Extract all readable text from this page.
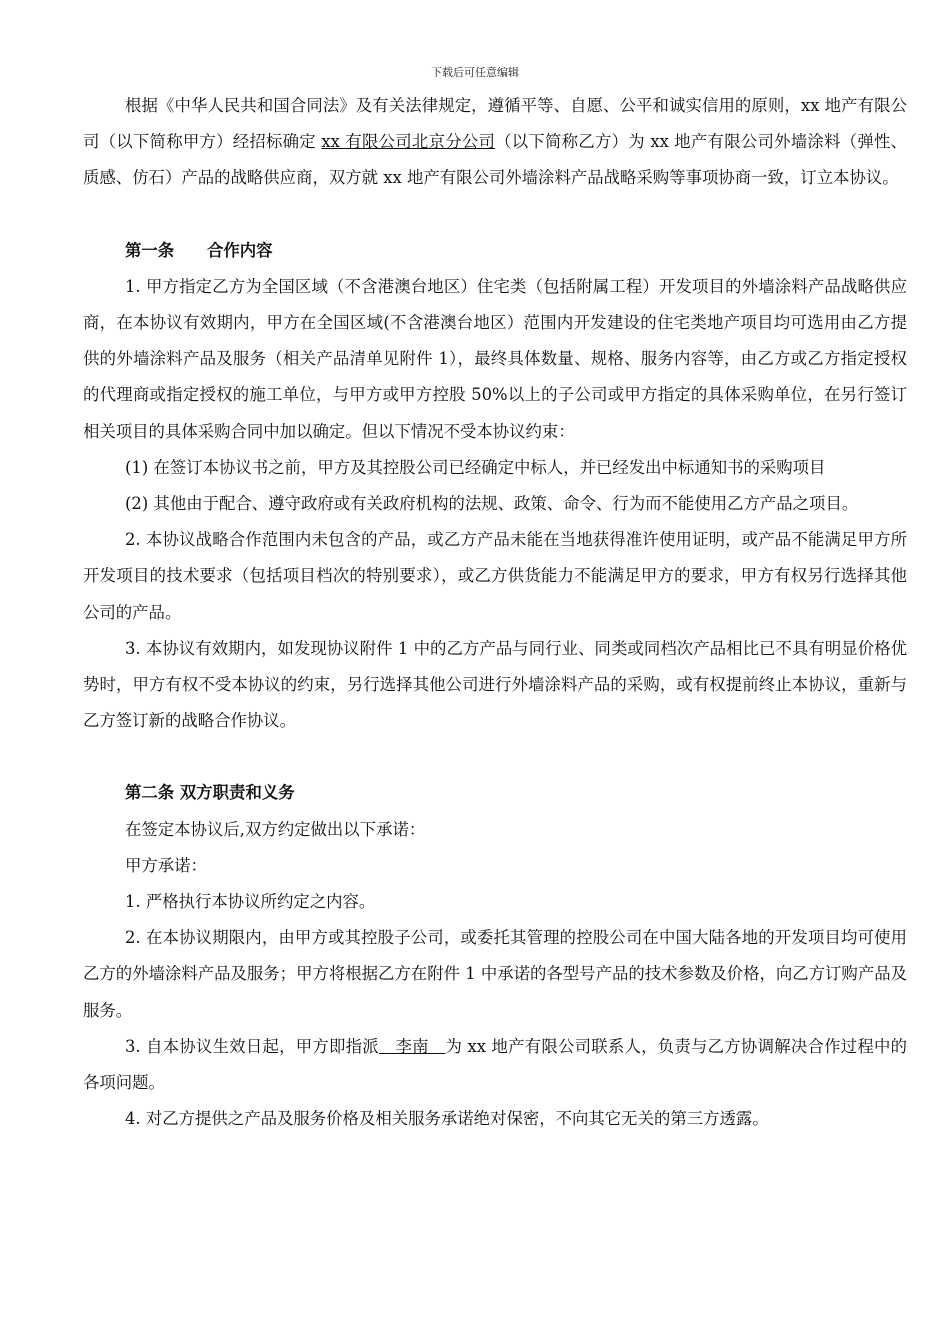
下载后可任意编辑

根据《中华人民共和国合同法》及有关法律规定，遵循平等、自愿、公平和诚实信用的原则，xx 地产有限公司（以下简称甲方）经招标确定 xx 有限公司北京分公司（以下简称乙方）为 xx 地产有限公司外墙涂料（弹性、质感、仿石）产品的战略供应商，双方就 xx 地产有限公司外墙涂料产品战略采购等事项协商一致，订立本协议。

第一条　　合作内容

1. 甲方指定乙方为全国区域（不含港澳台地区）住宅类（包括附属工程）开发项目的外墙涂料产品战略供应商，在本协议有效期内，甲方在全国区域(不含港澳台地区）范围内开发建设的住宅类地产项目均可选用由乙方提供的外墙涂料产品及服务（相关产品清单见附件 1），最终具体数量、规格、服务内容等，由乙方或乙方指定授权的代理商或指定授权的施工单位，与甲方或甲方控股 50%以上的子公司或甲方指定的具体采购单位，在另行签订相关项目的具体采购合同中加以确定。但以下情况不受本协议约束：

(1) 在签订本协议书之前，甲方及其控股公司已经确定中标人，并已经发出中标通知书的采购项目

(2) 其他由于配合、遵守政府或有关政府机构的法规、政策、命令、行为而不能使用乙方产品之项目。

2. 本协议战略合作范围内未包含的产品，或乙方产品未能在当地获得准许使用证明，或产品不能满足甲方所开发项目的技术要求（包括项目档次的特别要求），或乙方供货能力不能满足甲方的要求，甲方有权另行选择其他公司的产品。

3. 本协议有效期内，如发现协议附件 1 中的乙方产品与同行业、同类或同档次产品相比已不具有明显价格优势时，甲方有权不受本协议的约束，另行选择其他公司进行外墙涂料产品的采购，或有权提前终止本协议，重新与乙方签订新的战略合作协议。

第二条 双方职责和义务

在签定本协议后,双方约定做出以下承诺：

甲方承诺：

1. 严格执行本协议所约定之内容。

2. 在本协议期限内，由甲方或其控股子公司，或委托其管理的控股公司在中国大陆各地的开发项目均可使用乙方的外墙涂料产品及服务；甲方将根据乙方在附件 1 中承诺的各型号产品的技术参数及价格，向乙方订购产品及服务。

3. 自本协议生效日起，甲方即指派　李南　为 xx 地产有限公司联系人，负责与乙方协调解决合作过程中的各项问题。

4. 对乙方提供之产品及服务价格及相关服务承诺绝对保密，不向其它无关的第三方透露。
